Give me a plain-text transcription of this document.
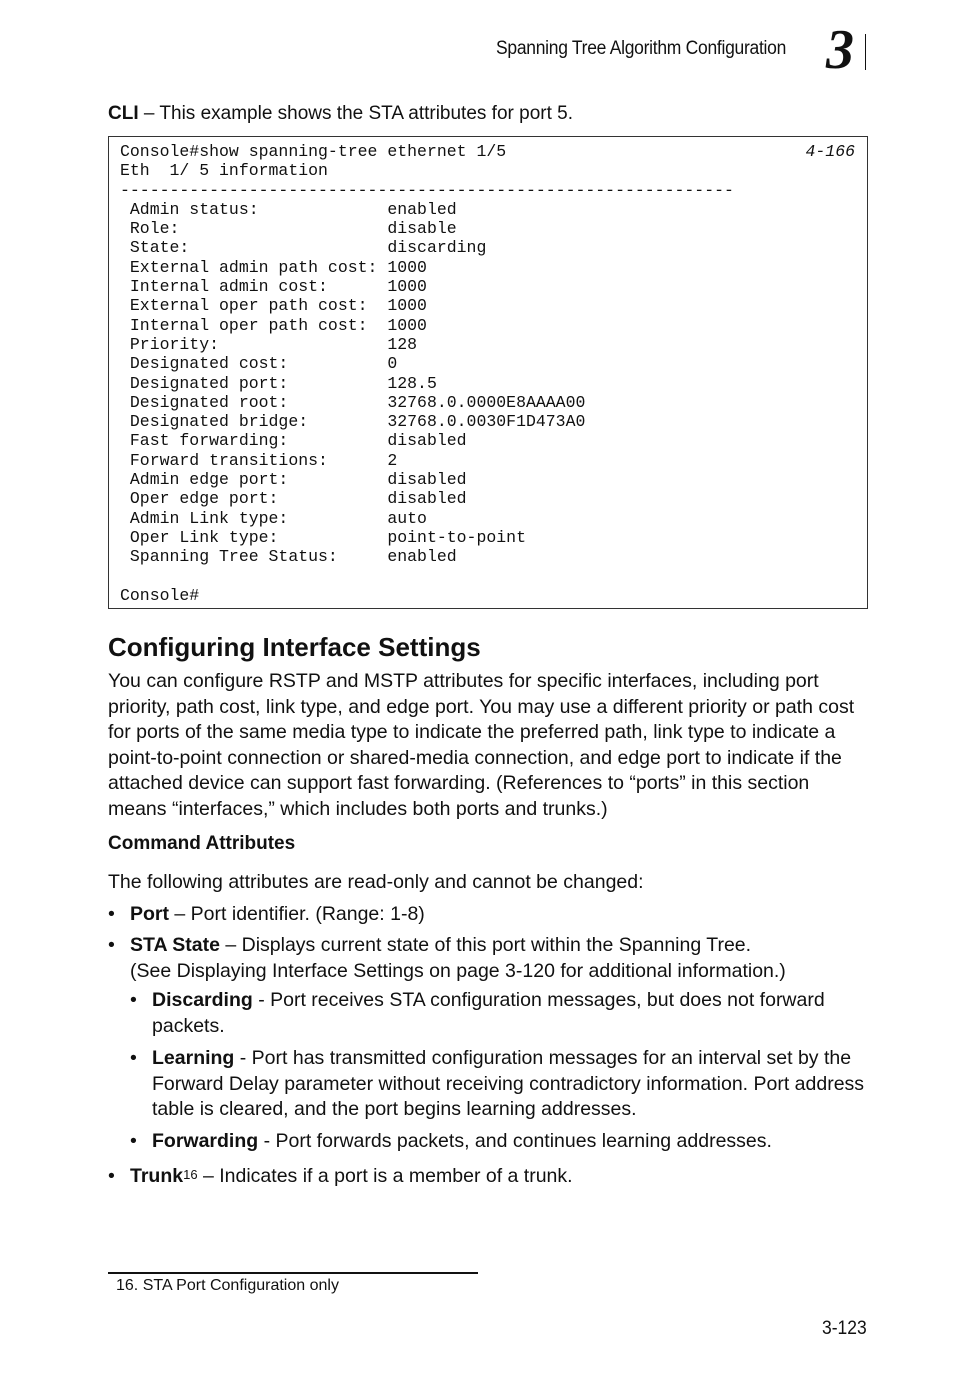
Spanning Tree Algorithm Configuration 3

CLI – This example shows the STA attributes for port 5.

Console#show spanning-tree ethernet 1/5
Eth  1/ 5 information
--------------------------------------------------------------
Admin status:             enabled
Role:                     disable
State:                    discarding
External admin path cost: 1000
Internal admin cost:      1000
External oper path cost:  1000
Internal oper path cost:  1000
Priority:                 128
Designated cost:          0
Designated port:          128.5
Designated root:          32768.0.0000E8AAAA00
Designated bridge:        32768.0.0030F1D473A0
Fast forwarding:          disabled
Forward transitions:      2
Admin edge port:          disabled
Oper edge port:           disabled
Admin Link type:          auto
Oper Link type:           point-to-point
Spanning Tree Status:     enabled

Console#
4-166
Configuring Interface Settings

You can configure RSTP and MSTP attributes for specific interfaces, including port priority, path cost, link type, and edge port. You may use a different priority or path cost for ports of the same media type to indicate the preferred path, link type to indicate a point-to-point connection or shared-media connection, and edge port to indicate if the attached device can support fast forwarding. (References to “ports” in this section means “interfaces,” which includes both ports and trunks.)

Command Attributes

The following attributes are read-only and cannot be changed:

• Port – Port identifier. (Range: 1-8)
• STA State – Displays current state of this port within the Spanning Tree.
(See Displaying Interface Settings on page 3-120 for additional information.)
• Discarding - Port receives STA configuration messages, but does not forward packets.
• Learning - Port has transmitted configuration messages for an interval set by the Forward Delay parameter without receiving contradictory information. Port address table is cleared, and the port begins learning addresses.
• Forwarding - Port forwards packets, and continues learning addresses.
• Trunk$^{16}$ – Indicates if a port is a member of a trunk.
16. STA Port Configuration only
3-123
